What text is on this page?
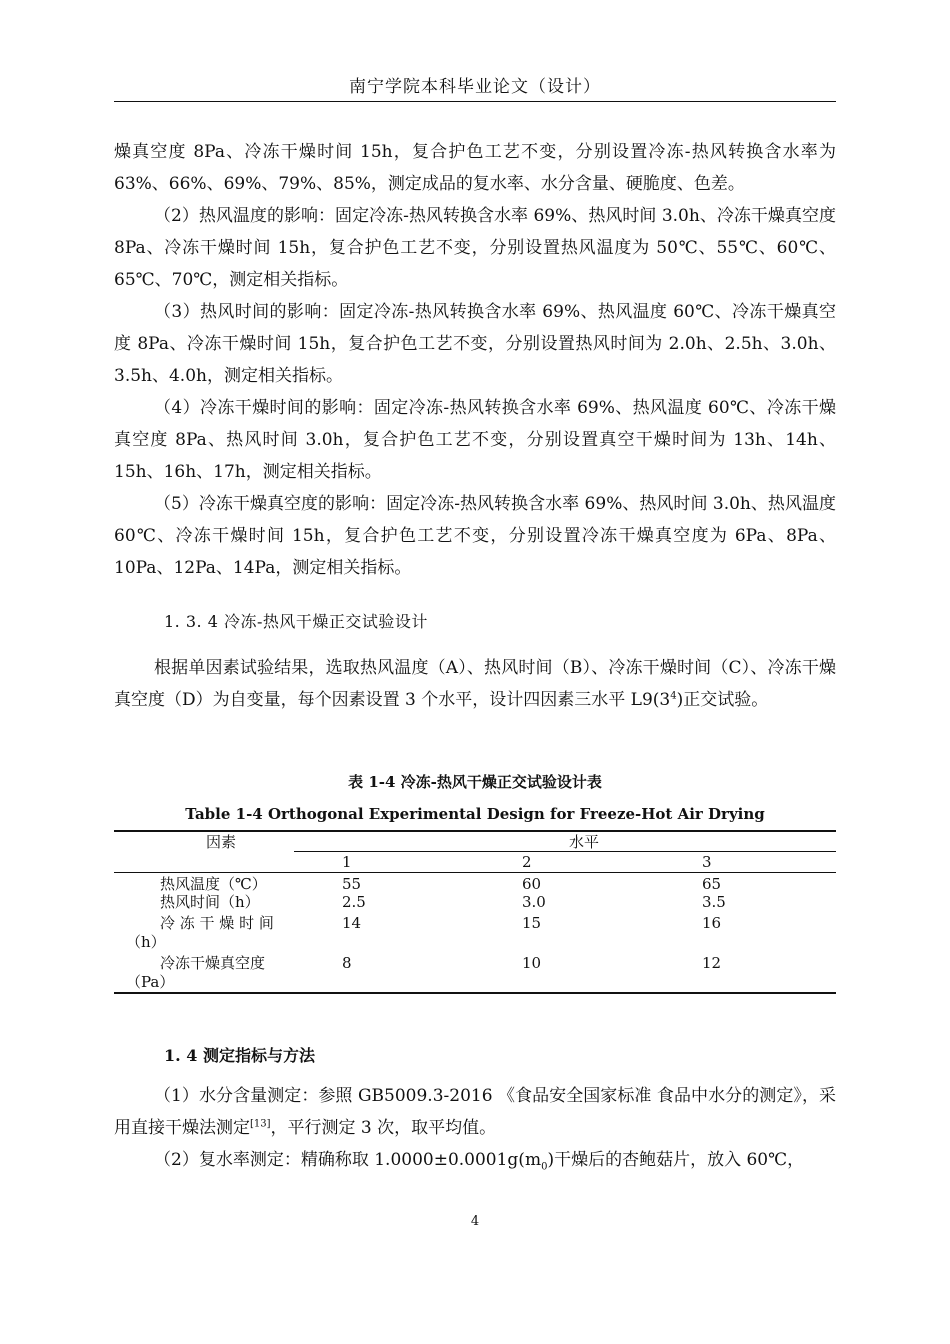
南宁学院本科毕业论文（设计）

燥真空度 8Pa、冷冻干燥时间 15h，复合护色工艺不变，分别设置冷冻-热风转换含水率为 63%、66%、69%、79%、85%，测定成品的复水率、水分含量、硬脆度、色差。

（2）热风温度的影响：固定冷冻-热风转换含水率 69%、热风时间 3.0h、冷冻干燥真空度 8Pa、冷冻干燥时间 15h，复合护色工艺不变，分别设置热风温度为 50℃、55℃、60℃、65℃、70℃，测定相关指标。

（3）热风时间的影响：固定冷冻-热风转换含水率 69%、热风温度 60℃、冷冻干燥真空度 8Pa、冷冻干燥时间 15h，复合护色工艺不变，分别设置热风时间为 2.0h、2.5h、3.0h、3.5h、4.0h，测定相关指标。

（4）冷冻干燥时间的影响：固定冷冻-热风转换含水率 69%、热风温度 60℃、冷冻干燥真空度 8Pa、热风时间 3.0h，复合护色工艺不变，分别设置真空干燥时间为 13h、14h、15h、16h、17h，测定相关指标。

（5）冷冻干燥真空度的影响：固定冷冻-热风转换含水率 69%、热风时间 3.0h、热风温度 60℃、冷冻干燥时间 15h，复合护色工艺不变，分别设置冷冻干燥真空度为 6Pa、8Pa、10Pa、12Pa、14Pa，测定相关指标。

1. 3. 4 冷冻-热风干燥正交试验设计

根据单因素试验结果，选取热风温度（A）、热风时间（B）、冷冻干燥时间（C）、冷冻干燥真空度（D）为自变量，每个因素设置 3 个水平，设计四因素三水平 $L9(3^4)$正交试验。

表 1-4 冷冻-热风干燥正交试验设计表
Table 1-4 Orthogonal Experimental Design for Freeze-Hot Air Drying
因素	水平
1	2	3
热风温度（℃）	55	60	65
热风时间（h）	2.5	3.0	3.5
冷 冻 干 燥 时 间
（h）
14	15	16
冷冻干燥真空度
（Pa）
8	10	12

1. 4 测定指标与方法

（1）水分含量测定：参照 GB5009.3-2016 《食品安全国家标准 食品中水分的测定》，采用直接干燥法测定[13]，平行测定 3 次，取平均值。

（2）复水率测定：精确称取 $1.0000\pm 0.0001g(m_0)$干燥后的杏鲍菇片，放入 60℃，

4
